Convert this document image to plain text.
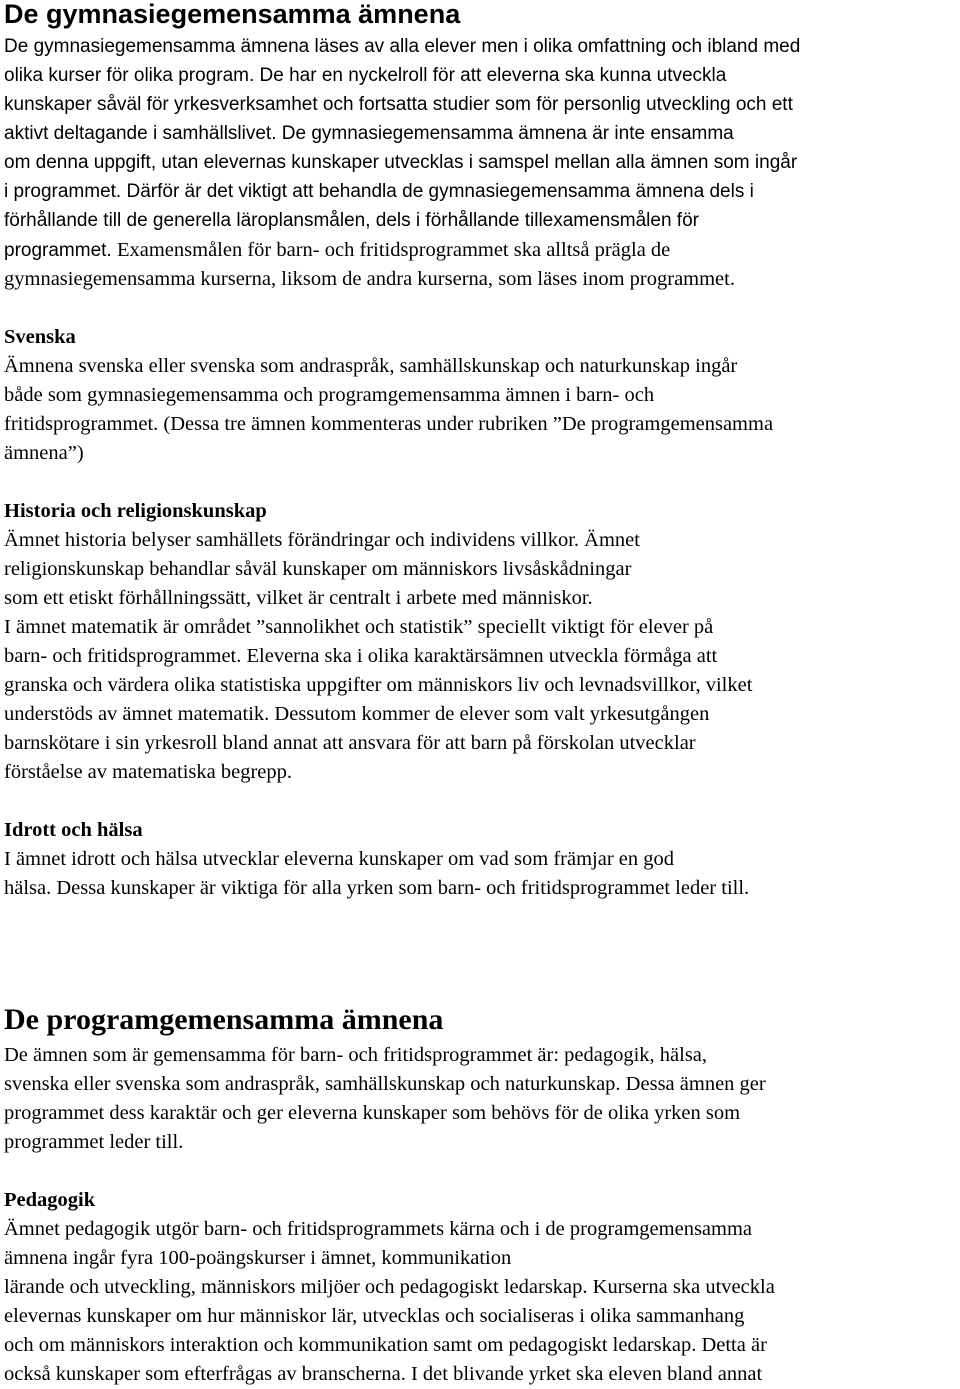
De gymnasiegemensamma ämnena

De gymnasiegemensamma ämnena läses av alla elever men i olika omfattning och ibland med

olika kurser för olika program. De har en nyckelroll för att eleverna ska kunna utveckla

kunskaper såväl för yrkesverksamhet och fortsatta studier som för personlig utveckling och ett

aktivt deltagande i samhällslivet. De gymnasiegemensamma ämnena är inte ensamma

om denna uppgift, utan elevernas kunskaper utvecklas i samspel mellan alla ämnen som ingår

i programmet. Därför är det viktigt att behandla de gymnasiegemensamma ämnena dels i

förhållande till de generella läroplansmålen, dels i förhållande tillexamensmålen för

programmet. Examensmålen för barn- och fritidsprogrammet ska alltså prägla de

gymnasiegemensamma kurserna, liksom de andra kurserna, som läses inom programmet.

Svenska

Ämnena svenska eller svenska som andraspråk, samhällskunskap och naturkunskap ingår

både som gymnasiegemensamma och programgemensamma ämnen i barn- och

fritidsprogrammet. (Dessa tre ämnen kommenteras under rubriken ”De programgemensamma

ämnena”)

Historia och religionskunskap

Ämnet historia belyser samhällets förändringar och individens villkor. Ämnet

religionskunskap behandlar såväl kunskaper om människors livsåskådningar

som ett etiskt förhållningssätt, vilket är centralt i arbete med människor.

I ämnet matematik är området ”sannolikhet och statistik” speciellt viktigt för elever på

barn- och fritidsprogrammet. Eleverna ska i olika karaktärsämnen utveckla förmåga att

granska och värdera olika statistiska uppgifter om människors liv och levnadsvillkor, vilket

understöds av ämnet matematik. Dessutom kommer de elever som valt yrkesutgången

barnskötare i sin yrkesroll bland annat att ansvara för att barn på förskolan utvecklar

förståelse av matematiska begrepp.

Idrott och hälsa

I ämnet idrott och hälsa utvecklar eleverna kunskaper om vad som främjar en god

hälsa. Dessa kunskaper är viktiga för alla yrken som barn- och fritidsprogrammet leder till.

De programgemensamma ämnena

De ämnen som är gemensamma för barn- och fritidsprogrammet är: pedagogik, hälsa,

svenska eller svenska som andraspråk, samhällskunskap och naturkunskap. Dessa ämnen ger

programmet dess karaktär och ger eleverna kunskaper som behövs för de olika yrken som

programmet leder till.

Pedagogik

Ämnet pedagogik utgör barn- och fritidsprogrammets kärna och i de programgemensamma

ämnena ingår fyra 100-poängskurser i ämnet, kommunikation

lärande och utveckling, människors miljöer och pedagogiskt ledarskap. Kurserna ska utveckla

elevernas kunskaper om hur människor lär, utvecklas och socialiseras i olika sammanhang

och om människors interaktion och kommunikation samt om pedagogiskt ledarskap. Detta är

också kunskaper som efterfrågas av branscherna. I det blivande yrket ska eleven bland annat
